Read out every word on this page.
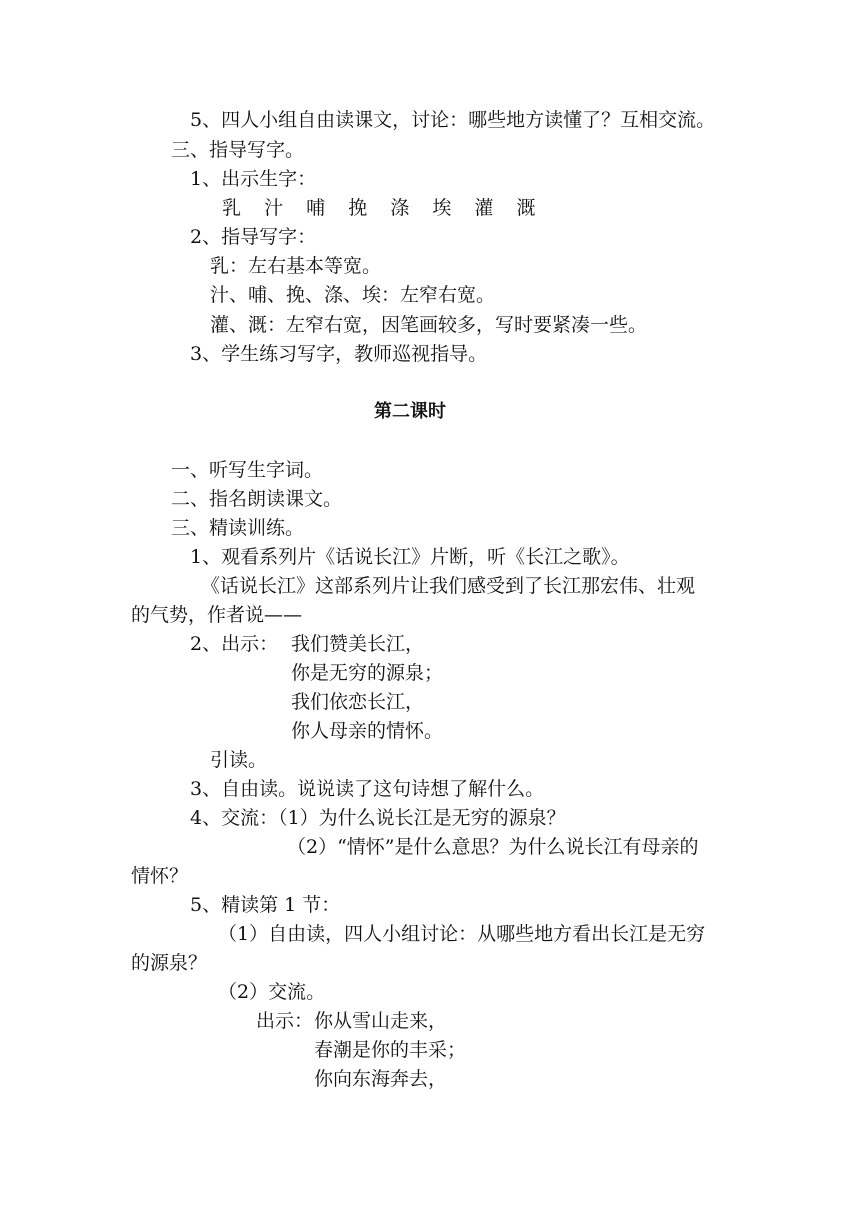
5、四人小组自由读课文，讨论：哪些地方读懂了？互相交流。
三、指导写字。
1、出示生字：
乳 汁 哺 挽 涤 埃 灌 溉
2、指导写字：
乳：左右基本等宽。
汁、哺、挽、涤、埃：左窄右宽。
灌、溉：左窄右宽，因笔画较多，写时要紧凑一些。
3、学生练习写字，教师巡视指导。
第二课时
一、听写生字词。
二、指名朗读课文。
三、精读训练。
1、观看系列片《话说长江》片断，听《长江之歌》。
《话说长江》这部系列片让我们感受到了长江那宏伟、壮观
的气势，作者说——
2、出示： 我们赞美长江，
你是无穷的源泉；
我们依恋长江，
你人母亲的情怀。
引读。
3、自由读。说说读了这句诗想了解什么。
4、交流：（1）为什么说长江是无穷的源泉？
（2）“情怀”是什么意思？为什么说长江有母亲的
情怀？
5、精读第 1 节：
（1）自由读，四人小组讨论：从哪些地方看出长江是无穷
的源泉？
（2）交流。
出示： 你从雪山走来，
春潮是你的丰采；
你向东海奔去，
